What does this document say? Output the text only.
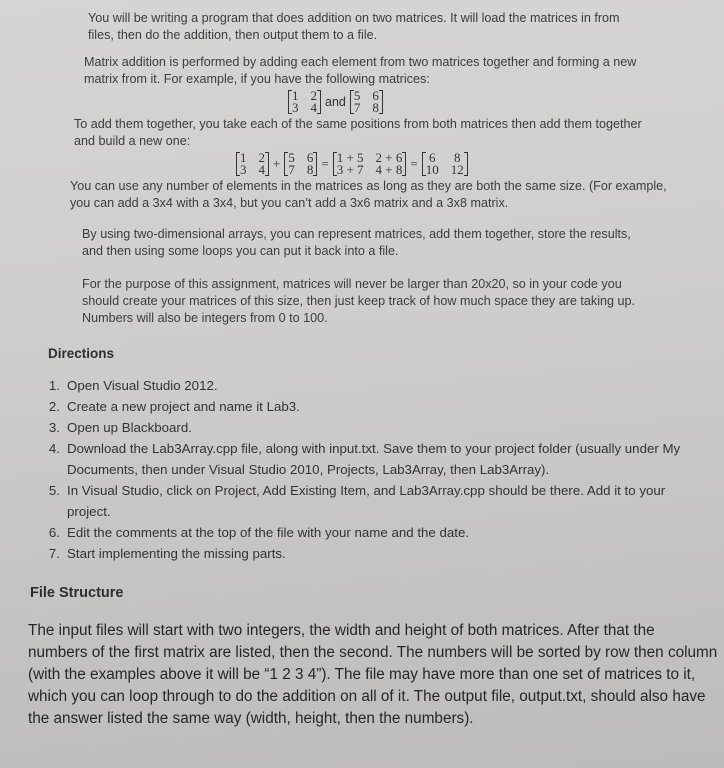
You will be writing a program that does addition on two matrices. It will load the matrices in from files, then do the addition, then output them to a file.

Matrix addition is performed by adding each element from two matrices together and forming a new matrix from it. For example, if you have the following matrices:

1 2
3 4 and 5 6
7 8

To add them together, you take each of the same positions from both matrices then add them together and build a new one:

1 2
3 4 + 5 6
7 8 = 1 + 5 2 + 6
3 + 7 4 + 8 = 6 8
10 12

You can use any number of elements in the matrices as long as they are both the same size. (For example, you can add a 3x4 with a 3x4, but you can’t add a 3x6 matrix and a 3x8 matrix.

By using two-dimensional arrays, you can represent matrices, add them together, store the results, and then using some loops you can put it back into a file.

For the purpose of this assignment, matrices will never be larger than 20x20, so in your code you should create your matrices of this size, then just keep track of how much space they are taking up. Numbers will also be integers from 0 to 100.

Directions
1. Open Visual Studio 2012.
2. Create a new project and name it Lab3.
3. Open up Blackboard.
4. Download the Lab3Array.cpp file, along with input.txt. Save them to your project folder (usually under My Documents, then under Visual Studio 2010, Projects, Lab3Array, then Lab3Array).
5. In Visual Studio, click on Project, Add Existing Item, and Lab3Array.cpp should be there. Add it to your project.
6. Edit the comments at the top of the file with your name and the date.
7. Start implementing the missing parts.
File Structure

The input files will start with two integers, the width and height of both matrices. After that the numbers of the first matrix are listed, then the second. The numbers will be sorted by row then column (with the examples above it will be “1 2 3 4”). The file may have more than one set of matrices to it, which you can loop through to do the addition on all of it. The output file, output.txt, should also have the answer listed the same way (width, height, then the numbers).
